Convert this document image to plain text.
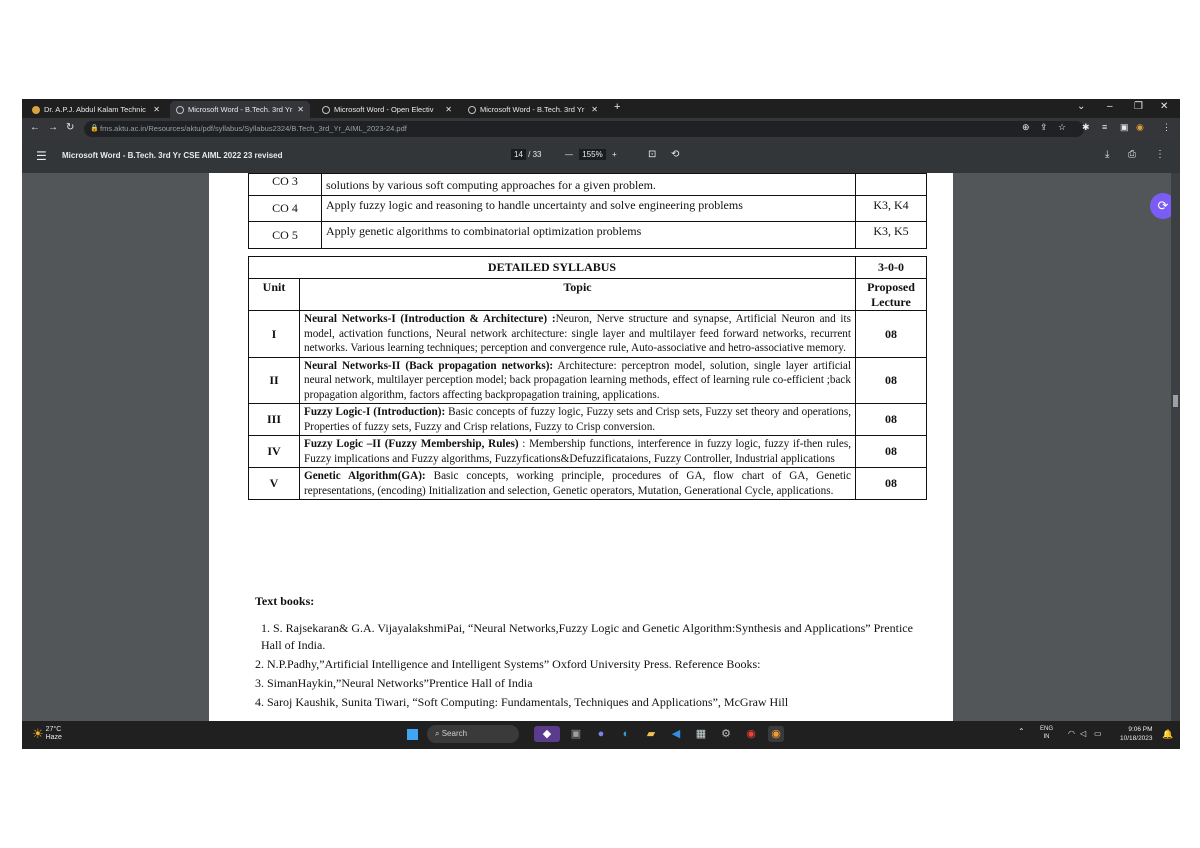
Dr. A.P.J. Abdul Kalam Technic ✕	Microsoft Word - B.Tech. 3rd Yr ✕	Microsoft Word - Open Electiv	✕	Microsoft Word - B.Tech. 3rd Yr ✕ +	⌄ – ❐ ✕
← → ↻ 🔒 fms.aktu.ac.in/Resources/aktu/pdf/syllabus/Syllabus2324/B.Tech_3rd_Yr_AIML_2023-24.pdf	⊕ ⇪ ☆ ✱ ≡ ▣ ◉ ⋮
☰ Microsoft Word - B.Tech. 3rd Yr CSE AIML 2022 23 revised	14 / 33	— 155% +	⊡ ⟲	⤓ ⎙ ⋮
CO 3	solutions by various soft computing approaches for a given problem.	
CO 4	Apply fuzzy logic and reasoning to handle uncertainty and solve engineering problems	K3, K4
CO 5	Apply genetic algorithms to combinatorial optimization problems	K3, K5
DETAILED SYLLABUS		3-0-0
Unit	Topic	Proposed Lecture
I	Neural Networks-I (Introduction & Architecture) :Neuron, Nerve structure and synapse, Artificial Neuron and its model, activation functions, Neural network architecture: single layer and multilayer feed forward networks, recurrent networks. Various learning techniques; perception and convergence rule, Auto-associative and hetro-associative memory.	08
II	Neural Networks-II (Back propagation networks): Architecture: perceptron model, solution, single layer artificial neural network, multilayer perception model; back propagation learning methods, effect of learning rule co-efficient ;back propagation algorithm, factors affecting backpropagation training, applications.	08
III	Fuzzy Logic-I (Introduction): Basic concepts of fuzzy logic, Fuzzy sets and Crisp sets, Fuzzy set theory and operations, Properties of fuzzy sets, Fuzzy and Crisp relations, Fuzzy to Crisp conversion.	08
IV	Fuzzy Logic –II (Fuzzy Membership, Rules) : Membership functions, interference in fuzzy logic, fuzzy if-then rules, Fuzzy implications and Fuzzy algorithms, Fuzzyfications&Defuzzificataions, Fuzzy Controller, Industrial applications	08
V	Genetic Algorithm(GA): Basic concepts, working principle, procedures of GA, flow chart of GA, Genetic representations, (encoding) Initialization and selection, Genetic operators, Mutation, Generational Cycle, applications.	08
Text books:
1. S. Rajsekaran& G.A. VijayalakshmiPai, “Neural Networks,Fuzzy Logic and Genetic Algorithm:Synthesis and Applications” Prentice Hall of India.
2. N.P.Padhy,”Artificial Intelligence and Intelligent Systems” Oxford University Press. Reference Books:
3. SimanHaykin,”Neural Networks”Prentice Hall of India
4. Saroj Kaushik, Sunita Tiwari, “Soft Computing: Fundamentals, Techniques and Applications”, McGraw Hill
⟳
☀ 27°C
Haze	⌕ Search	◆	▣	●	◐	▰	◀	▦ ⚙ ◉ ◉	⌃	ENG
IN	◠ ◁ ▭	9:06 PM
10/18/2023 🔔
